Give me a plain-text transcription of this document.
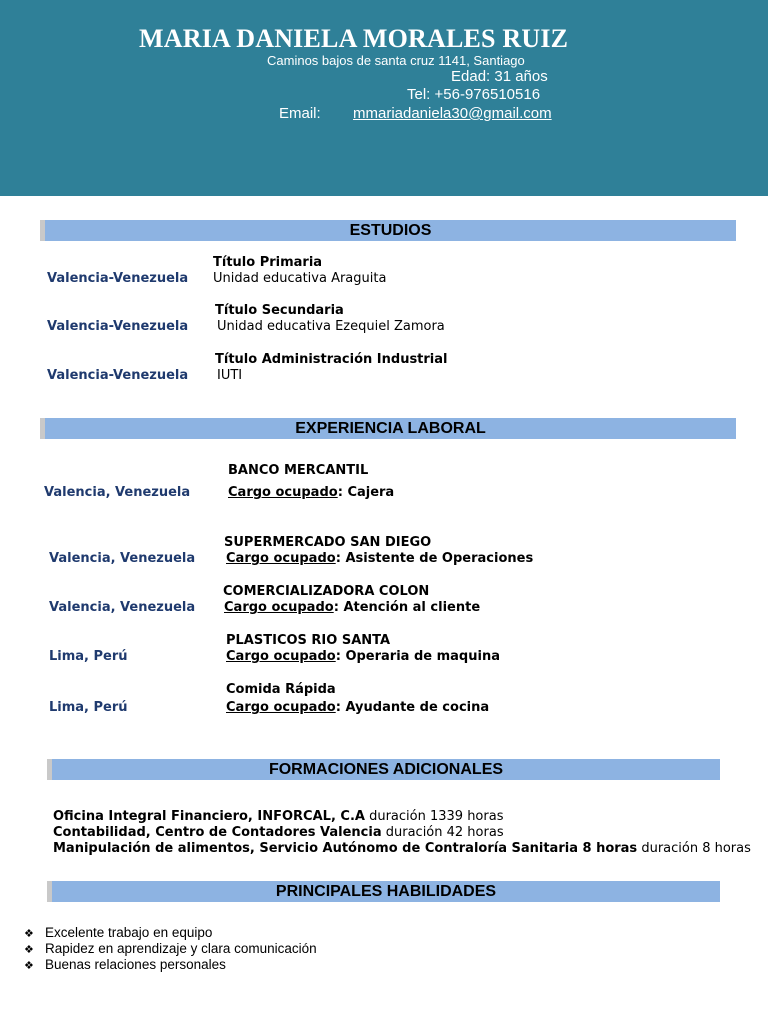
MARIA DANIELA MORALES RUIZ
Caminos bajos de santa cruz 1141, Santiago
Edad: 31 años
Tel: +56-976510516
Email: mmariadaniela30@gmail.com
ESTUDIOS
Título Primaria
Valencia-Venezuela Unidad educativa Araguita
Título Secundaria
Valencia-Venezuela Unidad educativa Ezequiel Zamora
Título Administración Industrial
Valencia-Venezuela IUTI
EXPERIENCIA LABORAL
BANCO MERCANTIL
Valencia, Venezuela	Cargo ocupado: Cajera
SUPERMERCADO SAN DIEGO
Valencia, Venezuela Cargo ocupado: Asistente de Operaciones
COMERCIALIZADORA COLON
Valencia, Venezuela Cargo ocupado: Atención al cliente
PLASTICOS RIO SANTA
Lima, Perú	Cargo ocupado: Operaria de maquina
Comida Rápida
Lima, Perú	Cargo ocupado: Ayudante de cocina
FORMACIONES ADICIONALES
Oficina Integral Financiero, INFORCAL, C.A duración 1339 horas
Contabilidad, Centro de Contadores Valencia duración 42 horas
Manipulación de alimentos, Servicio Autónomo de Contraloría Sanitaria 8 horas duración 8 horas
PRINCIPALES HABILIDADES
❖ Excelente trabajo en equipo
❖ Rapidez en aprendizaje y clara comunicación
❖ Buenas relaciones personales
